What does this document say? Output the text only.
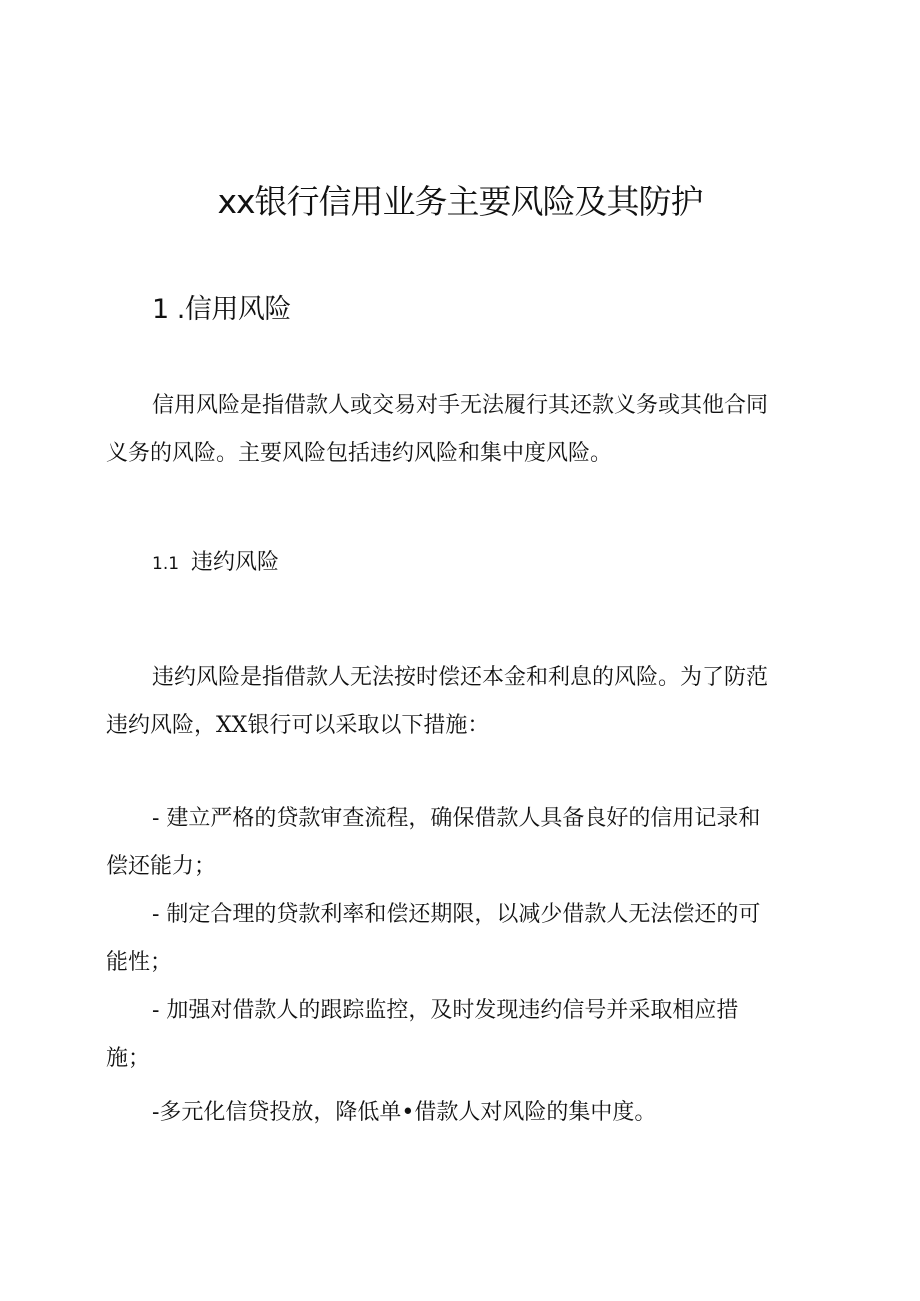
xx银行信用业务主要风险及其防护
1 .信用风险

信用风险是指借款人或交易对手无法履行其还款义务或其他合同
义务的风险。主要风险包括违约风险和集中度风险。

1.1 违约风险

违约风险是指借款人无法按时偿还本金和利息的风险。为了防范
违约风险，XX银行可以采取以下措施：

- 建立严格的贷款审查流程，确保借款人具备良好的信用记录和
偿还能力；

- 制定合理的贷款利率和偿还期限，以减少借款人无法偿还的可
能性；

- 加强对借款人的跟踪监控，及时发现违约信号并采取相应措
施；

-多元化信贷投放，降低单•借款人对风险的集中度。
